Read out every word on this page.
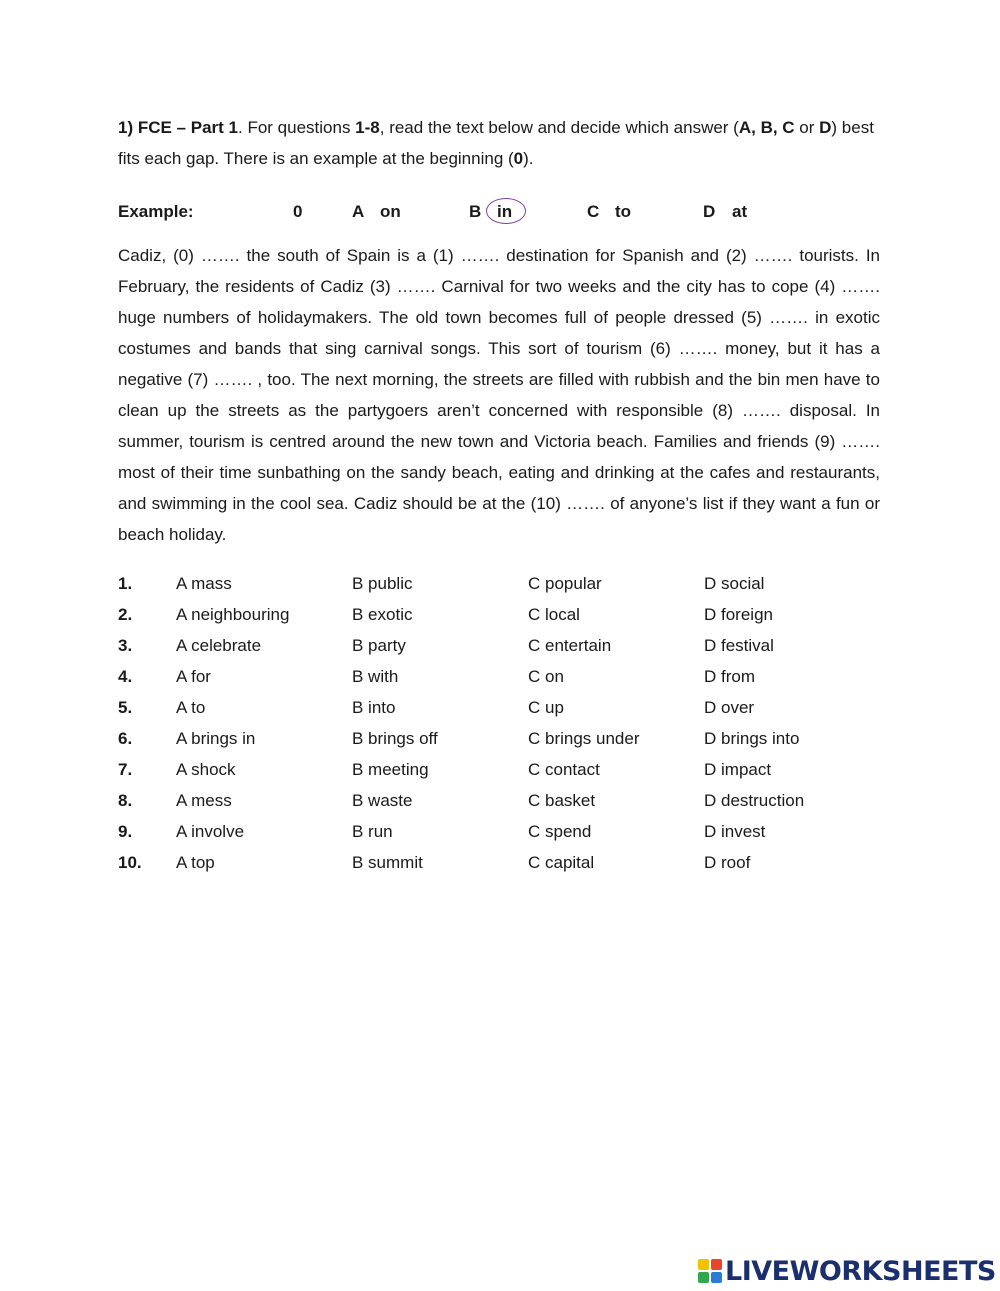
1) FCE – Part 1. For questions 1-8, read the text below and decide which answer (A, B, C or D) best fits each gap. There is an example at the beginning (0).

Example:	0	A on	B in	C to	D at

Cadiz, (0) ……. the south of Spain is a (1) ……. destination for Spanish and (2) ……. tourists. In February, the residents of Cadiz (3) ……. Carnival for two weeks and the city has to cope (4) ……. huge numbers of holidaymakers. The old town becomes full of people dressed (5) ……. in exotic costumes and bands that sing carnival songs. This sort of tourism (6) ……. money, but it has a negative (7) ……. , too. The next morning, the streets are filled with rubbish and the bin men have to clean up the streets as the partygoers aren’t concerned with responsible (8) ……. disposal. In summer, tourism is centred around the new town and Victoria beach. Families and friends (9) ……. most of their time sunbathing on the sandy beach, eating and drinking at the cafes and restaurants, and swimming in the cool sea. Cadiz should be at the (10) ……. of anyone’s list if they want a fun or beach holiday.

1.	A mass	B public	C popular	D social
2.	A neighbouring	B exotic	C local	D foreign
3.	A celebrate	B party	C entertain	D festival
4.	A for	B with	C on	D from
5.	A to	B into	C up	D over
6.	A brings in	B brings off	C brings under	D brings into
7.	A shock	B meeting	C contact	D impact
8.	A mess	B waste	C basket	D destruction
9.	A involve	B run	C spend	D invest
10. A top	B summit	C capital	D roof
LIVEWORKSHEETS
